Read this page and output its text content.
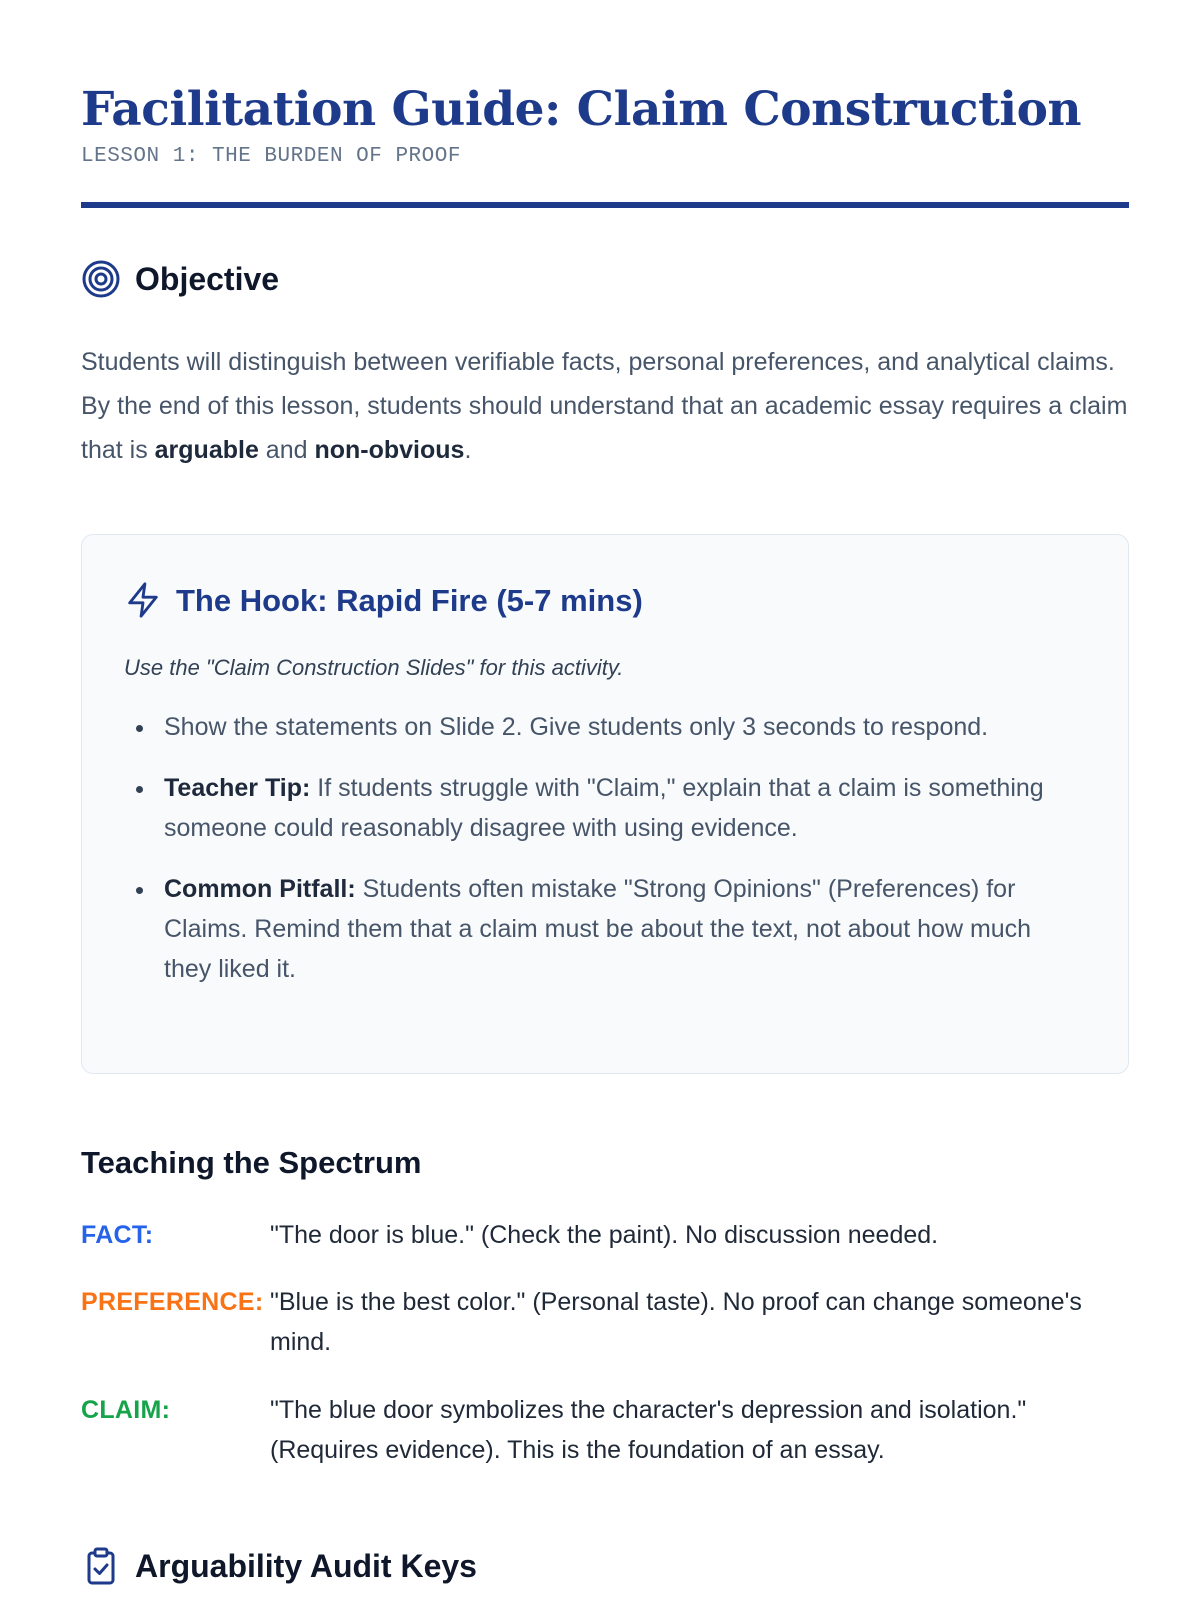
Facilitation Guide: Claim Construction
LESSON 1: THE BURDEN OF PROOF
Objective

Students will distinguish between verifiable facts, personal preferences, and analytical claims. By the end of this lesson, students should understand that an academic essay requires a claim that is arguable and non-obvious.

The Hook: Rapid Fire (5-7 mins)
Use the "Claim Construction Slides" for this activity.
Show the statements on Slide 2. Give students only 3 seconds to respond.
Teacher Tip: If students struggle with "Claim," explain that a claim is something someone could reasonably disagree with using evidence.
Common Pitfall: Students often mistake "Strong Opinions" (Preferences) for Claims. Remind them that a claim must be about the text, not about how much they liked it.
Teaching the Spectrum
FACT:	"The door is blue." (Check the paint). No discussion needed.
PREFERENCE: "Blue is the best color." (Personal taste). No proof can change someone's mind.
CLAIM:	"The blue door symbolizes the character's depression and isolation." (Requires evidence). This is the foundation of an essay.
Arguability Audit Keys
